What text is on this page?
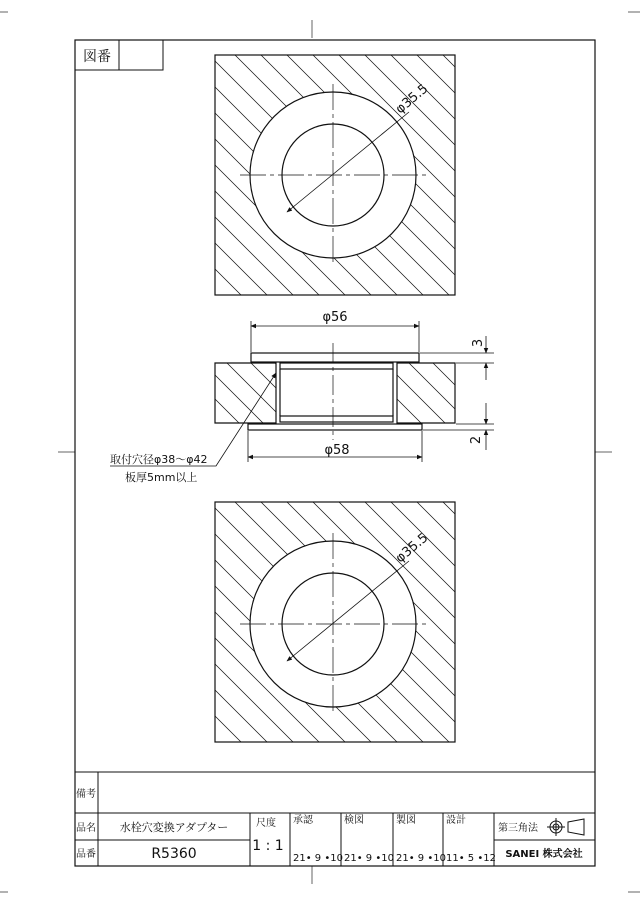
図番
φ35.5
φ56
φ58
3
2
取付穴径φ38～φ42
板厚5mm以上
φ35.5
備考
品名 水栓穴変換アダプター
品番	R5360
尺度
1 : 1
承認
21• 9 •10
検図
21• 9 •10
製図
21• 9 •10
設計
11• 5 •12
第三角法
SANEI 株式会社
